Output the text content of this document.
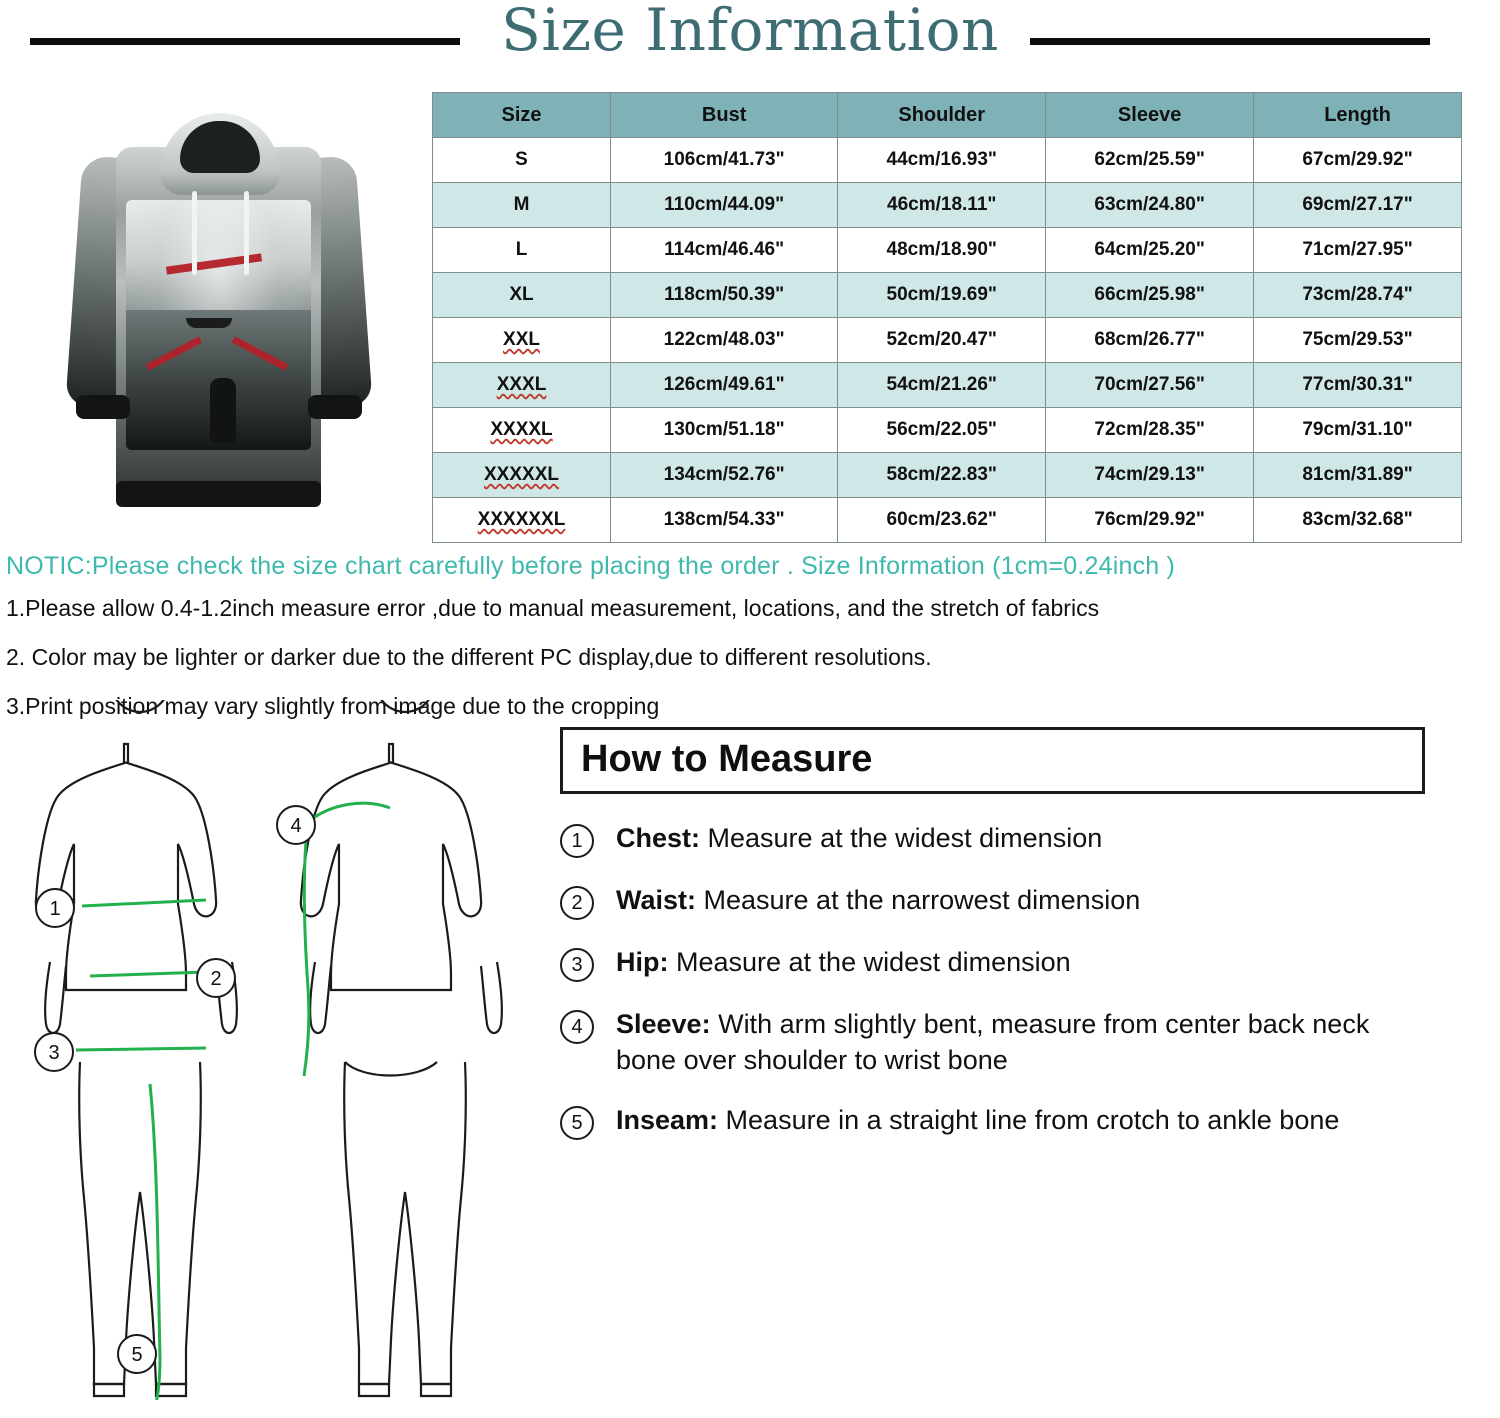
Size Information
Size	Bust	Shoulder	Sleeve	Length
S	106cm/41.73"	44cm/16.93"	62cm/25.59"	67cm/29.92"
M	110cm/44.09"	46cm/18.11"	63cm/24.80"	69cm/27.17"
L	114cm/46.46"	48cm/18.90"	64cm/25.20"	71cm/27.95"
XL	118cm/50.39"	50cm/19.69"	66cm/25.98"	73cm/28.74"
XXL	122cm/48.03"	52cm/20.47"	68cm/26.77"	75cm/29.53"
XXXL	126cm/49.61"	54cm/21.26"	70cm/27.56"	77cm/30.31"
XXXXL	130cm/51.18"	56cm/22.05"	72cm/28.35"	79cm/31.10"
XXXXXL	134cm/52.76"	58cm/22.83"	74cm/29.13"	81cm/31.89"
XXXXXXL	138cm/54.33"	60cm/23.62"	76cm/29.92"	83cm/32.68"
NOTIC:Please check the size chart carefully before placing the order . Size Information (1cm=0.24inch )
1.Please allow 0.4-1.2inch measure error ,due to manual measurement, locations, and the stretch of fabrics
2. Color may be lighter or darker due to the different PC display,due to different resolutions.
3.Print position may vary slightly from image due to the cropping
1
2
3
4
5
How to Measure
1	Chest: Measure at the widest dimension
2	Waist: Measure at the narrowest dimension
3	Hip: Measure at the widest dimension
4	Sleeve: With arm slightly bent, measure from center back neck bone over shoulder to wrist bone
5	Inseam: Measure in a straight line from crotch to ankle bone
